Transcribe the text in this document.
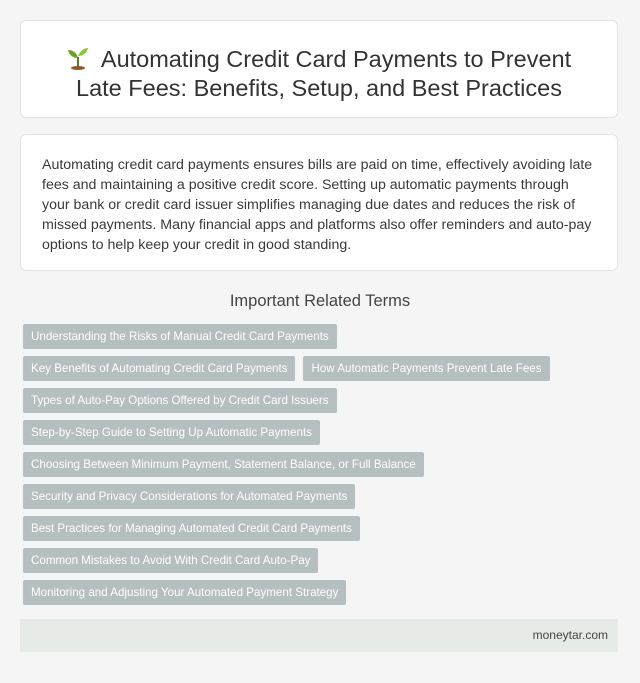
Automating Credit Card Payments to Prevent Late Fees: Benefits, Setup, and Best Practices

Automating credit card payments ensures bills are paid on time, effectively avoiding late fees and maintaining a positive credit score. Setting up automatic payments through your bank or credit card issuer simplifies managing due dates and reduces the risk of missed payments. Many financial apps and platforms also offer reminders and auto-pay options to help keep your credit in good standing.

Important Related Terms
Understanding the Risks of Manual Credit Card Payments
Key Benefits of Automating Credit Card Payments	How Automatic Payments Prevent Late Fees
Types of Auto-Pay Options Offered by Credit Card Issuers
Step-by-Step Guide to Setting Up Automatic Payments
Choosing Between Minimum Payment, Statement Balance, or Full Balance
Security and Privacy Considerations for Automated Payments
Best Practices for Managing Automated Credit Card Payments
Common Mistakes to Avoid With Credit Card Auto-Pay
Monitoring and Adjusting Your Automated Payment Strategy
moneytar.com
